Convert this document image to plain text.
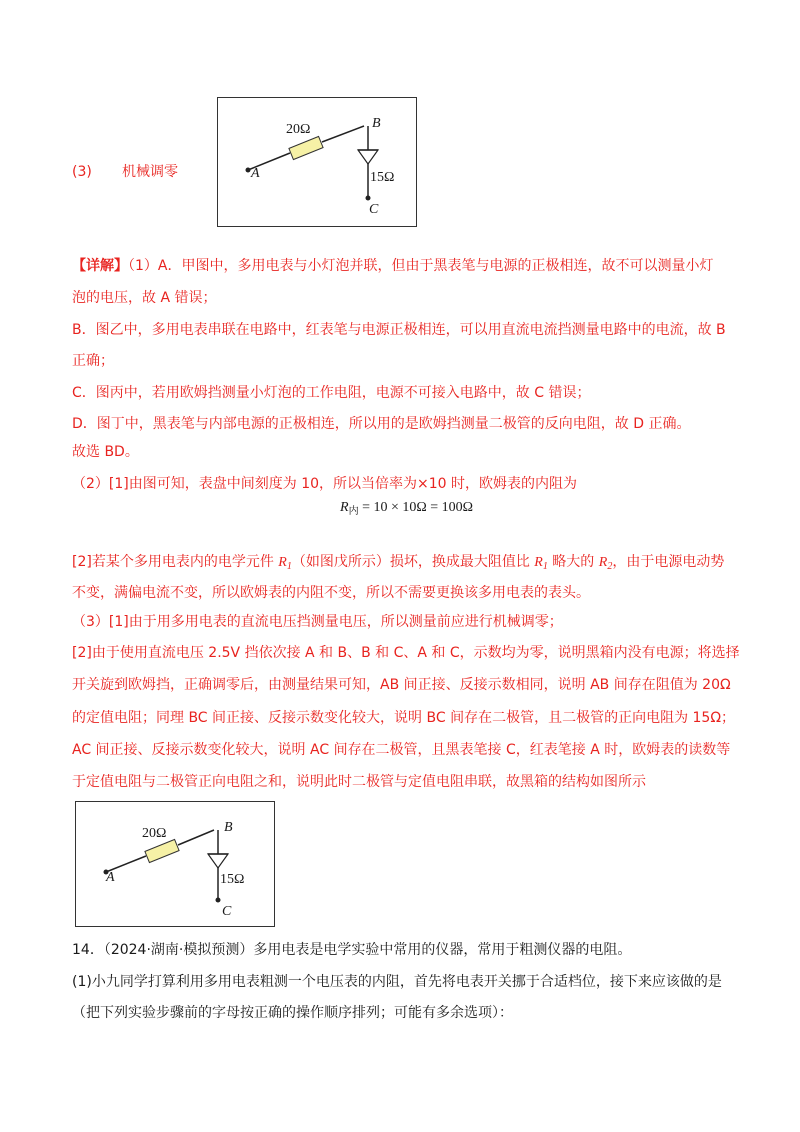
(3) 机械调零
20Ω
15Ω
A
B
C
【详解】（1）A．甲图中，多用电表与小灯泡并联，但由于黑表笔与电源的正极相连，故不可以测量小灯
泡的电压，故 A 错误；
B．图乙中，多用电表串联在电路中，红表笔与电源正极相连，可以用直流电流挡测量电路中的电流，故 B
正确；
C．图丙中，若用欧姆挡测量小灯泡的工作电阻，电源不可接入电路中，故 C 错误；
D．图丁中，黑表笔与内部电源的正极相连，所以用的是欧姆挡测量二极管的反向电阻，故 D 正确。
故选 BD。
（2）[1]由图可知，表盘中间刻度为 10，所以当倍率为×10 时，欧姆表的内阻为
$R_内 = 10 \times 10\Omega = 100\Omega$
[2]若某个多用电表内的电学元件 $R_1$（如图戊所示）损坏，换成最大阻值比 $R_1$ 略大的 $R_2$，由于电源电动势
不变，满偏电流不变，所以欧姆表的内阻不变，所以不需要更换该多用电表的表头。
（3）[1]由于用多用电表的直流电压挡测量电压，所以测量前应进行机械调零；
[2]由于使用直流电压 2.5V 挡依次接 A 和 B、B 和 C、A 和 C，示数均为零，说明黑箱内没有电源；将选择
开关旋到欧姆挡，正确调零后，由测量结果可知，AB 间正接、反接示数相同，说明 AB 间存在阻值为 20Ω
的定值电阻；同理 BC 间正接、反接示数变化较大，说明 BC 间存在二极管，且二极管的正向电阻为 15Ω；
AC 间正接、反接示数变化较大，说明 AC 间存在二极管，且黑表笔接 C，红表笔接 A 时，欧姆表的读数等
于定值电阻与二极管正向电阻之和，说明此时二极管与定值电阻串联，故黑箱的结构如图所示
20Ω
15Ω
A
B
C
14．（2024·湖南·模拟预测）多用电表是电学实验中常用的仪器，常用于粗测仪器的电阻。
(1)小九同学打算利用多用电表粗测一个电压表的内阻，首先将电表开关挪于合适档位，接下来应该做的是
（把下列实验步骤前的字母按正确的操作顺序排列；可能有多余选项）：
